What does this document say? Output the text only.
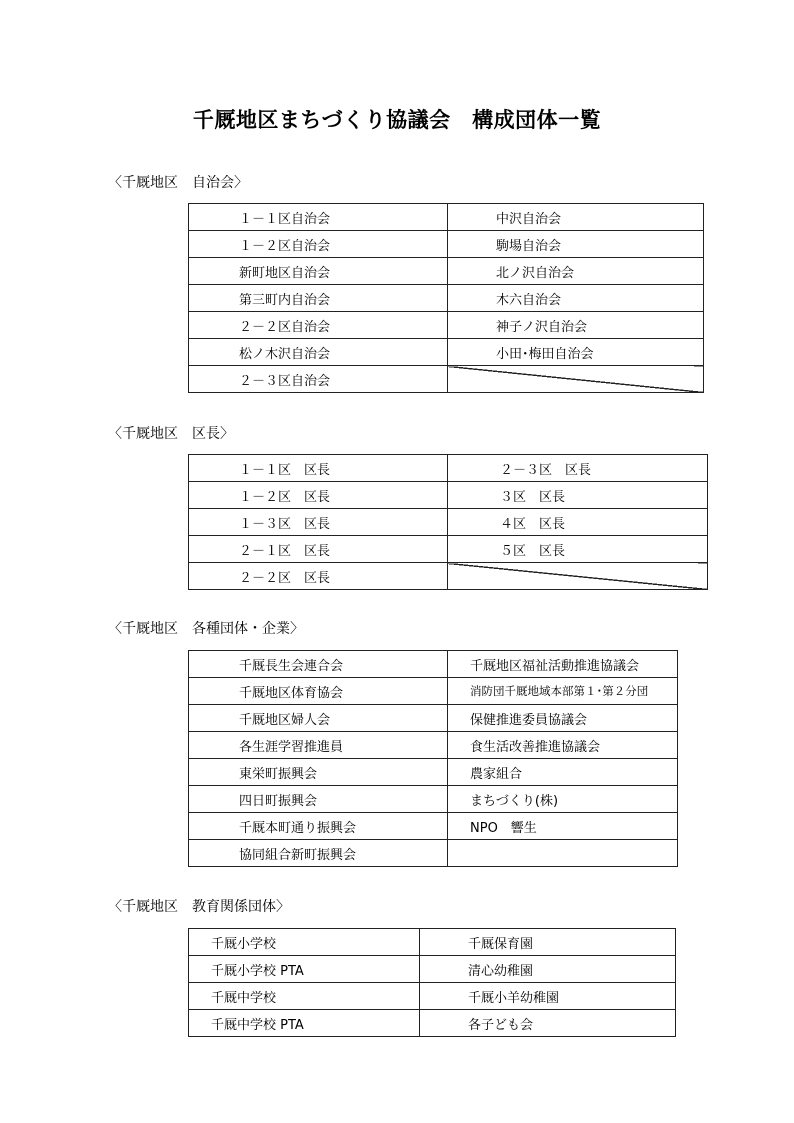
千厩地区まちづくり協議会　構成団体一覧
〈千厩地区　自治会〉
１－１区自治会	中沢自治会
１－２区自治会	駒場自治会
新町地区自治会	北ノ沢自治会
第三町内自治会	木六自治会
２－２区自治会	神子ノ沢自治会
松ノ木沢自治会	小田･梅田自治会
２－３区自治会	
〈千厩地区　区長〉
１－１区　区長	２－３区　区長
１－２区　区長	３区　区長
１－３区　区長	４区　区長
２－１区　区長	５区　区長
２－２区　区長	
〈千厩地区　各種団体・企業〉
千厩長生会連合会	千厩地区福祉活動推進協議会
千厩地区体育協会	消防団千厩地域本部第１･第２分団
千厩地区婦人会	保健推進委員協議会
各生涯学習推進員	食生活改善推進協議会
東栄町振興会	農家組合
四日町振興会	まちづくり(株)
千厩本町通り振興会	NPO　響生
協同組合新町振興会	
〈千厩地区　教育関係団体〉
千厩小学校	千厩保育園
千厩小学校 PTA	清心幼稚園
千厩中学校	千厩小羊幼稚園
千厩中学校 PTA	各子ども会
